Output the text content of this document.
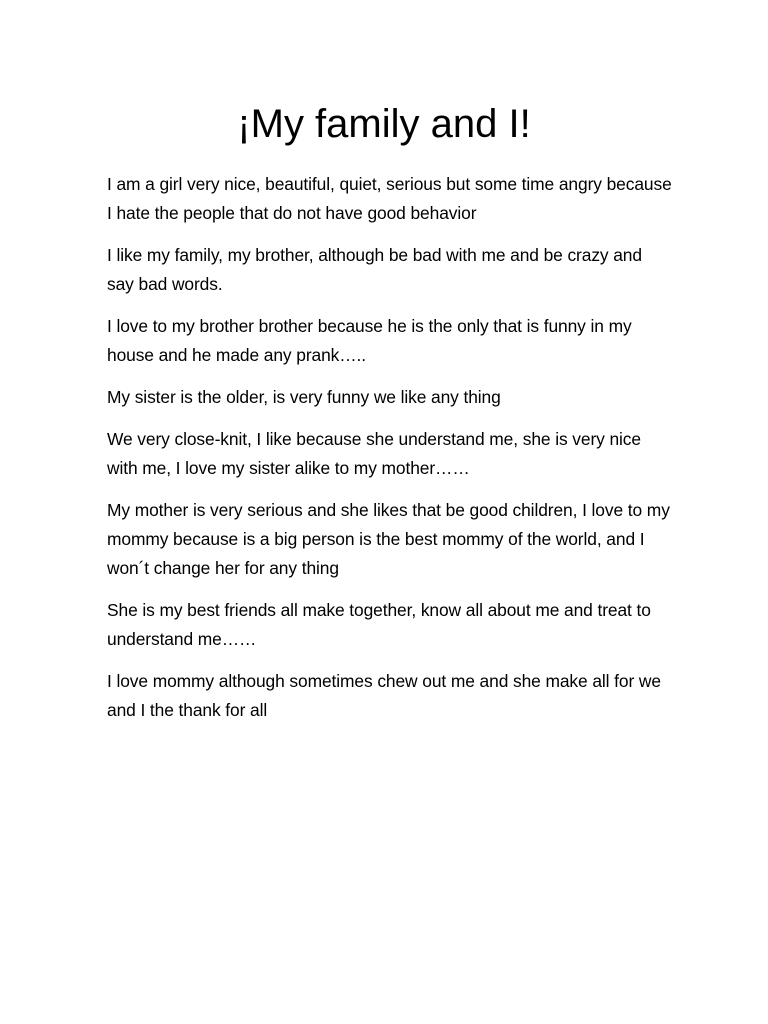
¡My family and I!

I am a girl very nice, beautiful, quiet, serious but some time angry because I hate the people that do not have good behavior

I like my family, my brother, although be bad with me and be crazy and say bad words.

I love to my brother brother because he is the only that is funny in my house and he made any prank…..

My sister is the older, is very funny we like any thing

We very close-knit, I like because she understand me, she is very nice with me, I love my sister alike to my mother……

My mother is very serious and she likes that be good children, I love to my mommy because is a big person is the best mommy of the world, and I won´t change her for any thing

She is my best friends all make together, know all about me and treat to understand me……

I love mommy although sometimes chew out me and she make all for we and I the thank for all
